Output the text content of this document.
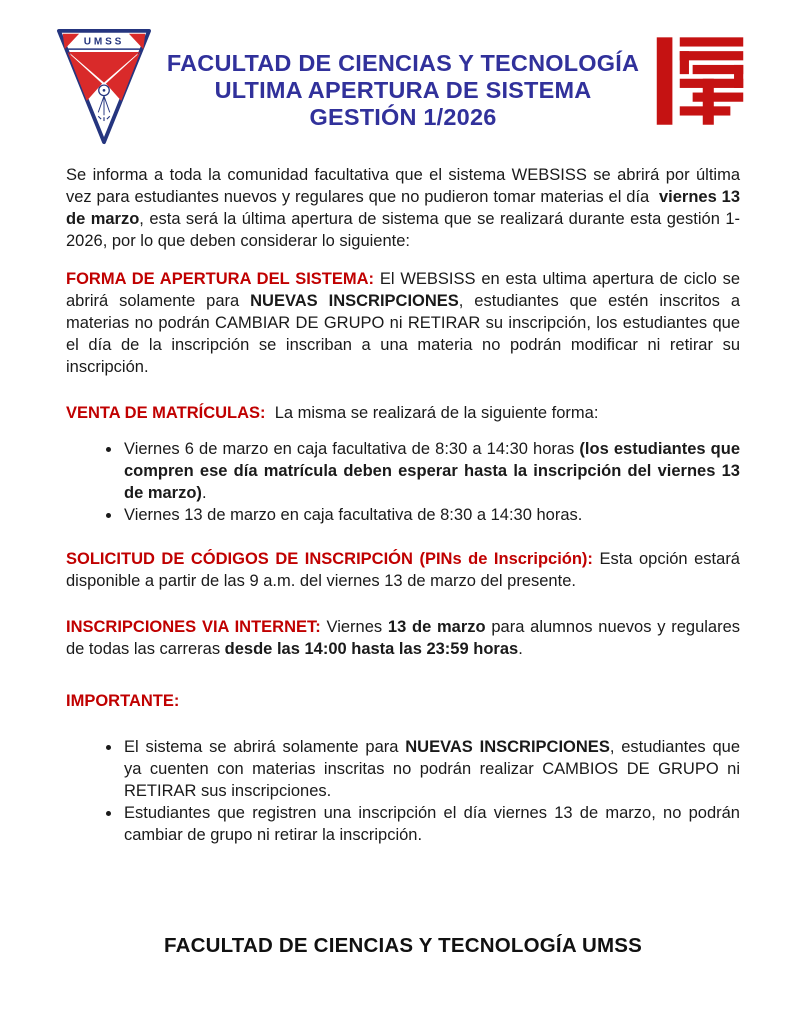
UMSS
FACULTAD DE CIENCIAS Y TECNOLOGÍA
ULTIMA APERTURA DE SISTEMA
GESTIÓN 1/2026

Se informa a toda la comunidad facultativa que el sistema WEBSISS se abrirá por última vez para estudiantes nuevos y regulares que no pudieron tomar materias el día  viernes 13 de marzo, esta será la última apertura de sistema que se realizará durante esta gestión 1-2026, por lo que deben considerar lo siguiente:

FORMA DE APERTURA DEL SISTEMA: El WEBSISS en esta ultima apertura de ciclo se abrirá solamente para NUEVAS INSCRIPCIONES, estudiantes que estén inscritos a materias no podrán CAMBIAR DE GRUPO ni RETIRAR su inscripción, los estudiantes que el día de la inscripción se inscriban a una materia no podrán modificar ni retirar su inscripción.

VENTA DE MATRÍCULAS:  La misma se realizará de la siguiente forma:

• Viernes 6 de marzo en caja facultativa de 8:30 a 14:30 horas (los estudiantes que compren ese día matrícula deben esperar hasta la inscripción del viernes 13 de marzo).
• Viernes 13 de marzo en caja facultativa de 8:30 a 14:30 horas.

SOLICITUD DE CÓDIGOS DE INSCRIPCIÓN (PINs de Inscripción): Esta opción estará disponible a partir de las 9 a.m. del viernes 13 de marzo del presente.

INSCRIPCIONES VIA INTERNET: Viernes 13 de marzo para alumnos nuevos y regulares de todas las carreras desde las 14:00 hasta las 23:59 horas.

IMPORTANTE:

• El sistema se abrirá solamente para NUEVAS INSCRIPCIONES, estudiantes que ya cuenten con materias inscritas no podrán realizar CAMBIOS DE GRUPO ni RETIRAR sus inscripciones.
• Estudiantes que registren una inscripción el día viernes 13 de marzo, no podrán cambiar de grupo ni retirar la inscripción.
FACULTAD DE CIENCIAS Y TECNOLOGÍA UMSS
